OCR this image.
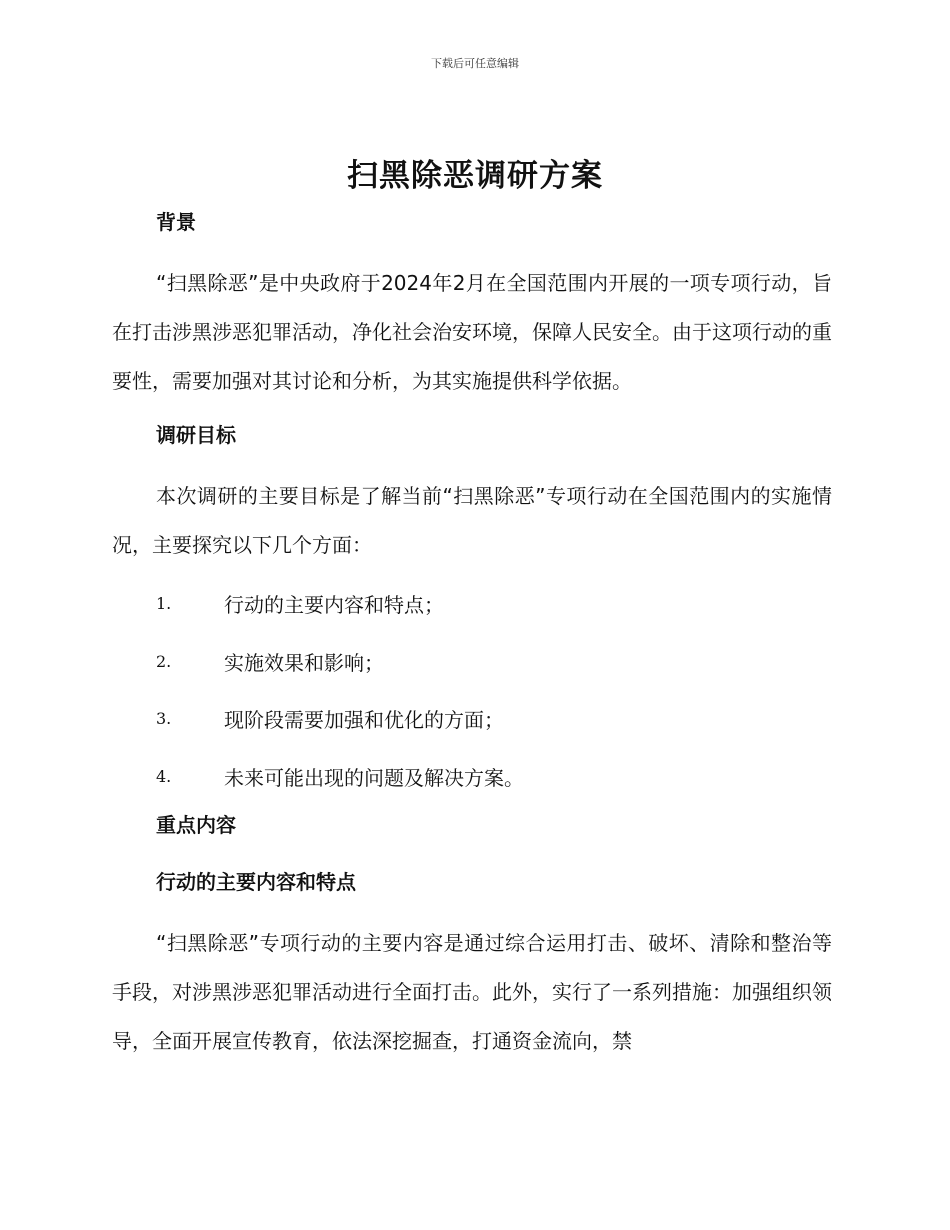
下载后可任意编辑
扫黑除恶调研方案
背景

“扫黑除恶”是中央政府于2024年2月在全国范围内开展的一项专项行动，旨在打击涉黑涉恶犯罪活动，净化社会治安环境，保障人民安全。由于这项行动的重要性，需要加强对其讨论和分析，为其实施提供科学依据。

调研目标

本次调研的主要目标是了解当前“扫黑除恶”专项行动在全国范围内的实施情况，主要探究以下几个方面：

1.	行动的主要内容和特点；
2.	实施效果和影响；
3.	现阶段需要加强和优化的方面；
4.	未来可能出现的问题及解决方案。
重点内容
行动的主要内容和特点

“扫黑除恶”专项行动的主要内容是通过综合运用打击、破坏、清除和整治等手段，对涉黑涉恶犯罪活动进行全面打击。此外，实行了一系列措施：加强组织领导，全面开展宣传教育，依法深挖掘查，打通资金流向，禁
